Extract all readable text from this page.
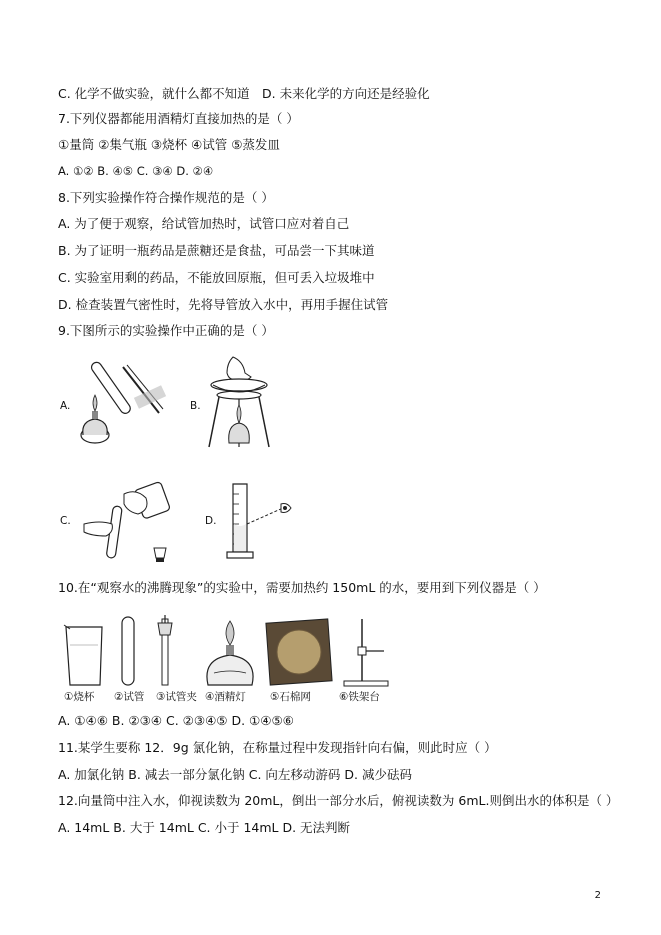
C. 化学不做实验，就什么都不知道 D. 未来化学的方向还是经验化
7.下列仪器都能用酒精灯直接加热的是（ ）
①量筒 ②集气瓶 ③烧杯 ④试管 ⑤蒸发皿
A. ①② B. ④⑤ C. ③④ D. ②④
8.下列实验操作符合操作规范的是（ ）
A. 为了便于观察，给试管加热时，试管口应对着自己
B. 为了证明一瓶药品是蔗糖还是食盐，可品尝一下其味道
C. 实验室用剩的药品，不能放回原瓶，但可丢入垃圾堆中
D. 检查装置气密性时，先将导管放入水中，再用手握住试管
9.下图所示的实验操作中正确的是（ ）
A.	B.
C.	D.
10.在“观察水的沸腾现象”的实验中，需要加热约 150mL 的水，要用到下列仪器是（ ）
①烧杯 ②试管 ③试管夹 ④酒精灯 ⑤石棉网	⑥铁架台
A. ①④⑥ B. ②③④ C. ②③④⑤ D. ①④⑤⑥
11.某学生要称 12．9g 氯化钠，在称量过程中发现指针向右偏，则此时应（ ）
A. 加氯化钠 B. 减去一部分氯化钠 C. 向左移动游码 D. 减少砝码
12.向量筒中注入水，仰视读数为 20mL，倒出一部分水后，俯视读数为 6mL.则倒出水的体积是（ ）
A. 14mL B. 大于 14mL C. 小于 14mL D. 无法判断
2
